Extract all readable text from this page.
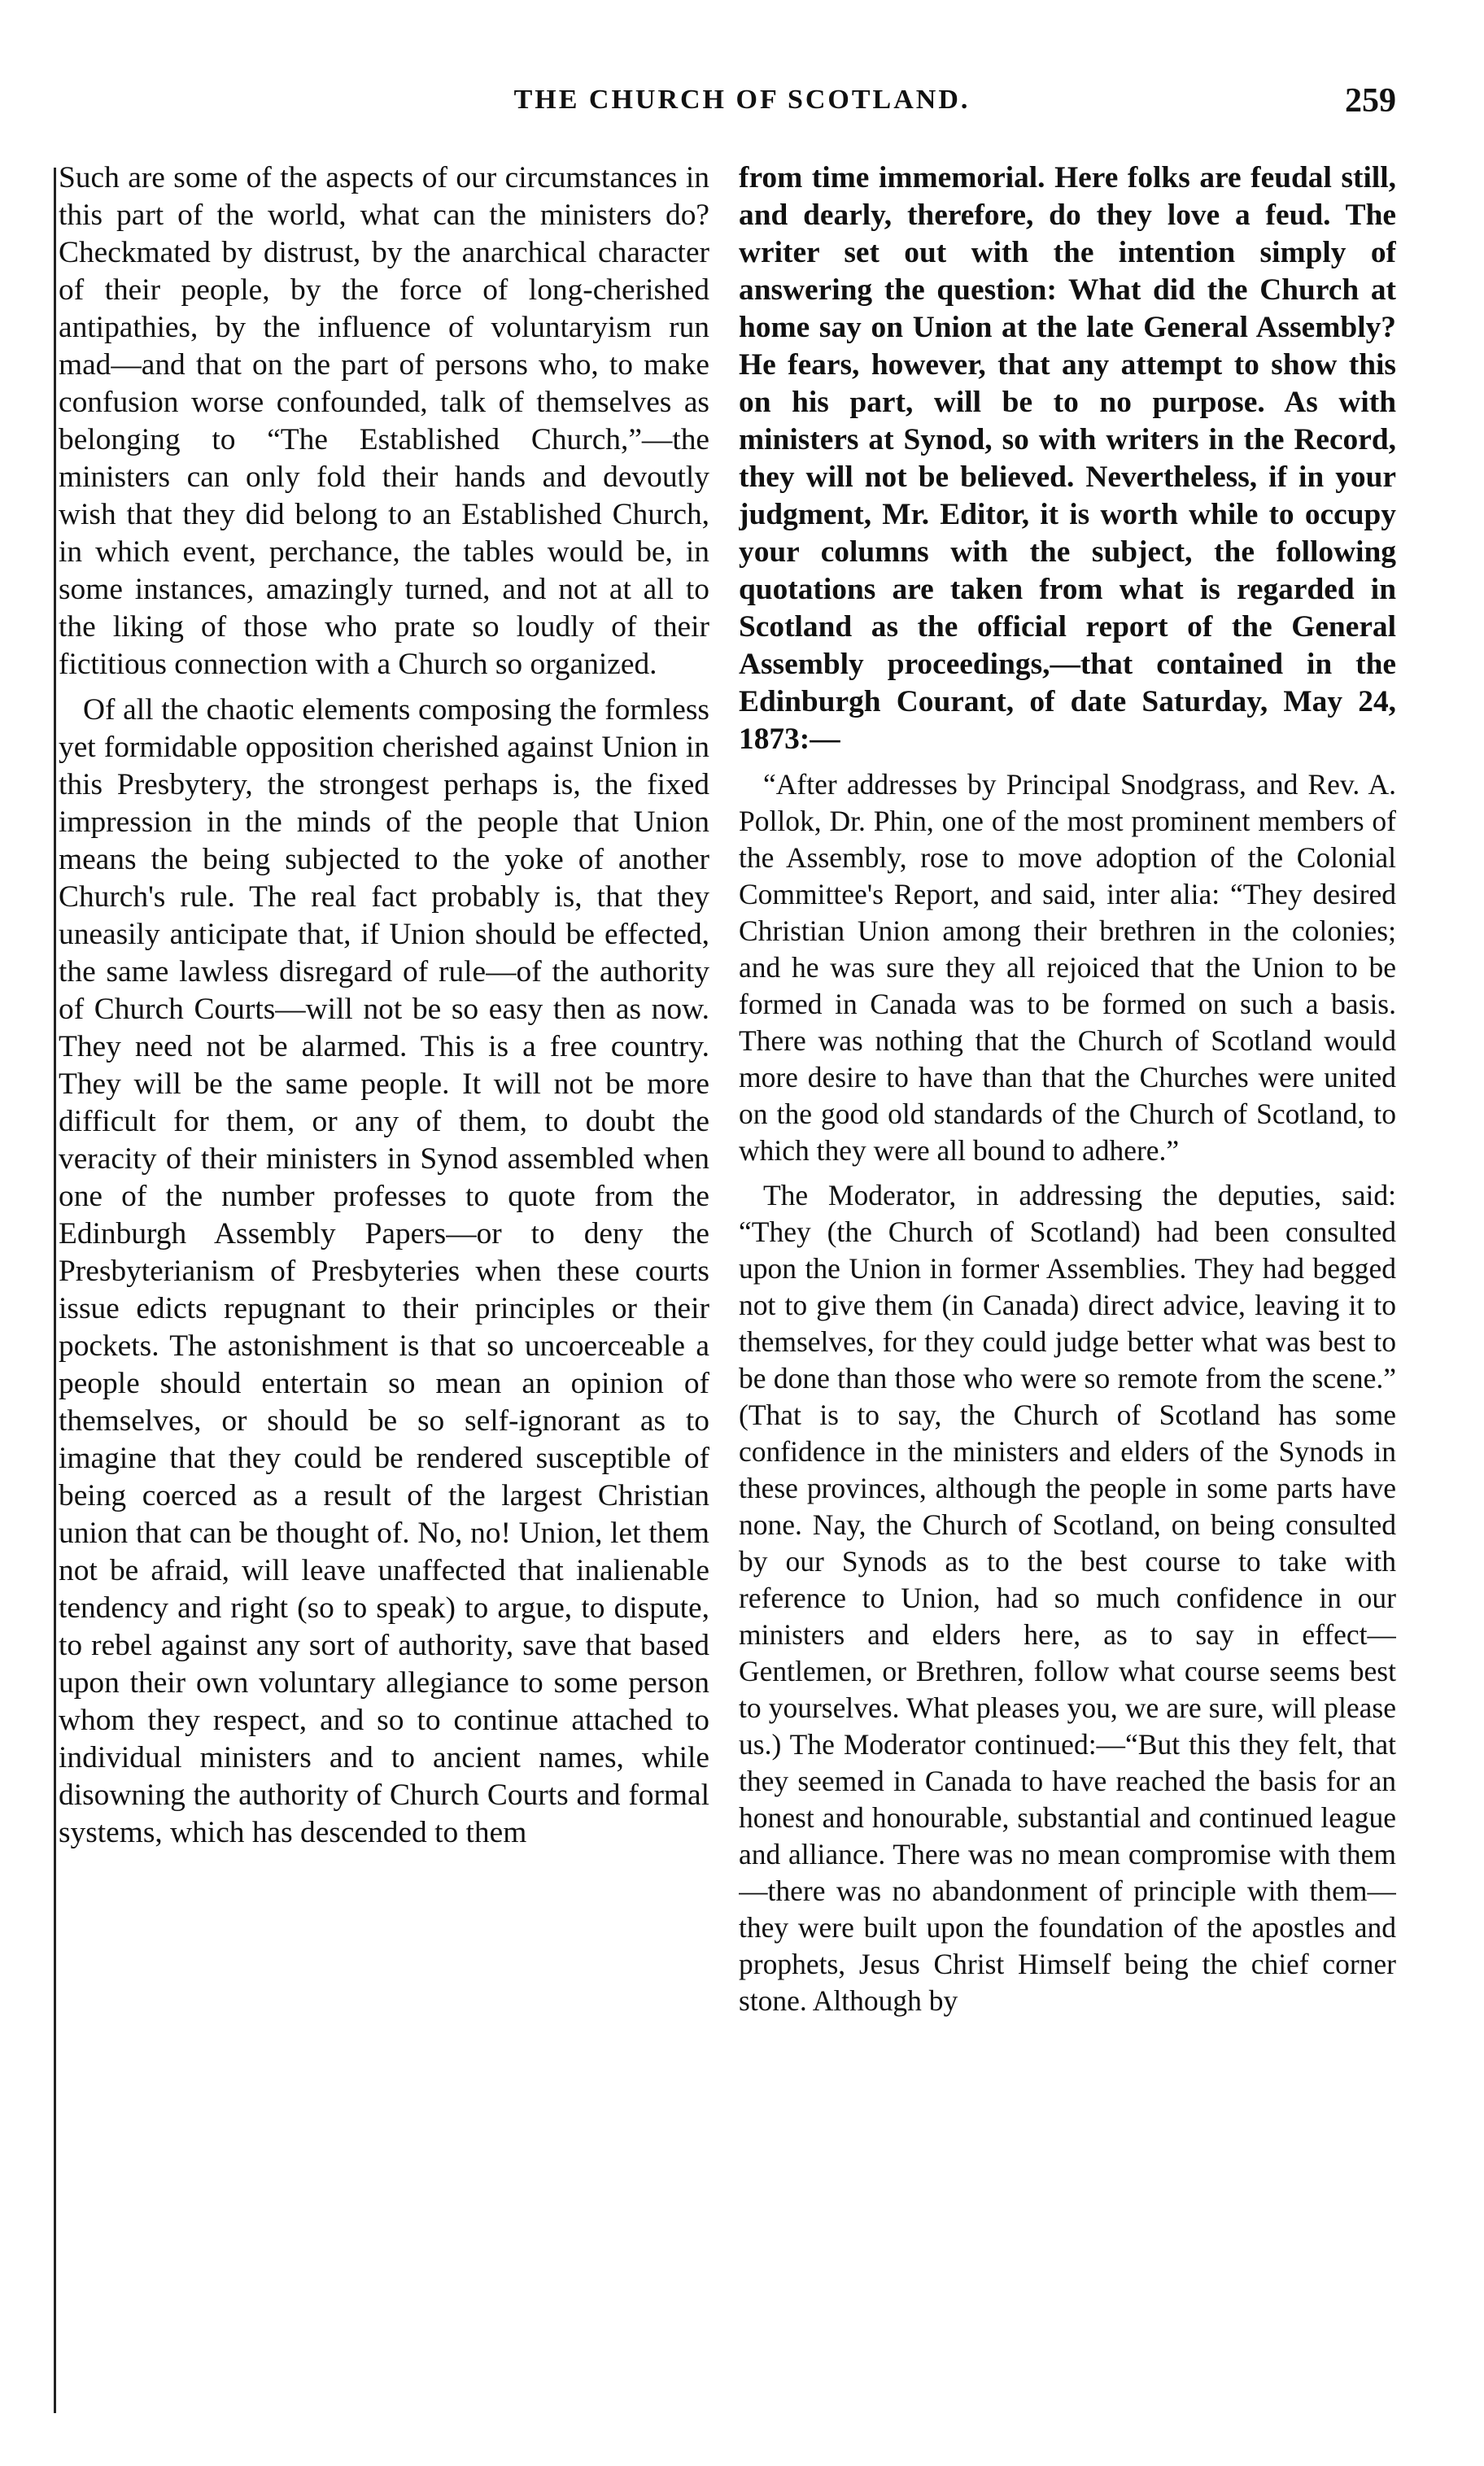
THE CHURCH OF SCOTLAND.	259

Such are some of the aspects of our circumstances in this part of the world, what can the ministers do? Checkmated by distrust, by the anarchical character of their people, by the force of long-cherished antipathies, by the influence of voluntaryism run mad—and that on the part of persons who, to make confusion worse confounded, talk of themselves as belonging to “The Established Church,”—the ministers can only fold their hands and devoutly wish that they did belong to an Established Church, in which event, perchance, the tables would be, in some instances, amazingly turned, and not at all to the liking of those who prate so loudly of their fictitious connection with a Church so organized.

Of all the chaotic elements composing the formless yet formidable opposition cherished against Union in this Presbytery, the strongest perhaps is, the fixed impression in the minds of the people that Union means the being subjected to the yoke of another Church's rule. The real fact probably is, that they uneasily anticipate that, if Union should be effected, the same lawless disregard of rule—of the authority of Church Courts—will not be so easy then as now. They need not be alarmed. This is a free country. They will be the same people. It will not be more difficult for them, or any of them, to doubt the veracity of their ministers in Synod assembled when one of the number professes to quote from the Edinburgh Assembly Papers—or to deny the Presbyterianism of Presbyteries when these courts issue edicts repugnant to their principles or their pockets. The astonishment is that so uncoerceable a people should entertain so mean an opinion of themselves, or should be so self-ignorant as to imagine that they could be rendered susceptible of being coerced as a result of the largest Christian union that can be thought of. No, no! Union, let them not be afraid, will leave unaffected that inalienable tendency and right (so to speak) to argue, to dispute, to rebel against any sort of authority, save that based upon their own voluntary allegiance to some person whom they respect, and so to continue attached to individual ministers and to ancient names, while disowning the authority of Church Courts and formal systems, which has descended to them

from time immemorial. Here folks are feudal still, and dearly, therefore, do they love a feud. The writer set out with the intention simply of answering the question: What did the Church at home say on Union at the late General Assembly? He fears, however, that any attempt to show this on his part, will be to no purpose. As with ministers at Synod, so with writers in the Record, they will not be believed. Nevertheless, if in your judgment, Mr. Editor, it is worth while to occupy your columns with the subject, the following quotations are taken from what is regarded in Scotland as the official report of the General Assembly proceedings,—that contained in the Edinburgh Courant, of date Saturday, May 24, 1873:—

“After addresses by Principal Snodgrass, and Rev. A. Pollok, Dr. Phin, one of the most prominent members of the Assembly, rose to move adoption of the Colonial Committee's Report, and said, inter alia: “They desired Christian Union among their brethren in the colonies; and he was sure they all rejoiced that the Union to be formed in Canada was to be formed on such a basis. There was nothing that the Church of Scotland would more desire to have than that the Churches were united on the good old standards of the Church of Scotland, to which they were all bound to adhere.”

The Moderator, in addressing the deputies, said: “They (the Church of Scotland) had been consulted upon the Union in former Assemblies. They had begged not to give them (in Canada) direct advice, leaving it to themselves, for they could judge better what was best to be done than those who were so remote from the scene.” (That is to say, the Church of Scotland has some confidence in the ministers and elders of the Synods in these provinces, although the people in some parts have none. Nay, the Church of Scotland, on being consulted by our Synods as to the best course to take with reference to Union, had so much confidence in our ministers and elders here, as to say in effect—Gentlemen, or Brethren, follow what course seems best to yourselves. What pleases you, we are sure, will please us.) The Moderator continued:—“But this they felt, that they seemed in Canada to have reached the basis for an honest and honourable, substantial and continued league and alliance. There was no mean compromise with them—there was no abandonment of principle with them—they were built upon the foundation of the apostles and prophets, Jesus Christ Himself being the chief corner stone. Although by
